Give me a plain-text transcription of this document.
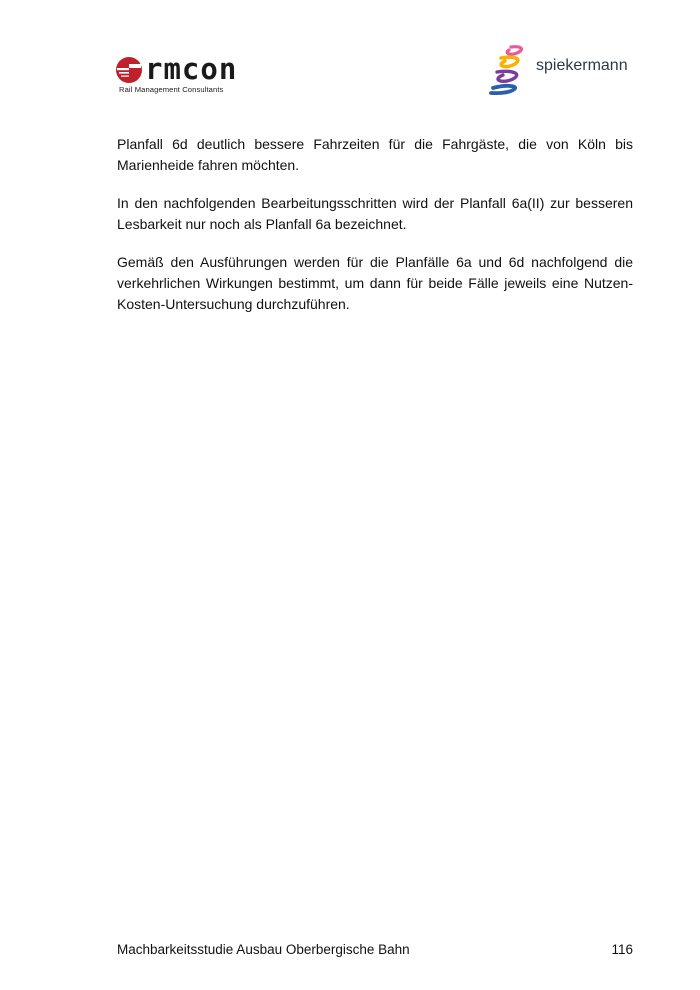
rmcon
Rail Management Consultants
spiekermann

Planfall 6d deutlich bessere Fahrzeiten für die Fahrgäste, die von Köln bis Marienheide fahren möchten.

In den nachfolgenden Bearbeitungsschritten wird der Planfall 6a(II) zur besseren Lesbarkeit nur noch als Planfall 6a bezeichnet.

Gemäß den Ausführungen werden für die Planfälle 6a und 6d nachfolgend die verkehrlichen Wirkungen bestimmt, um dann für beide Fälle jeweils eine Nutzen-Kosten-Untersuchung durchzuführen.

Machbarkeitsstudie Ausbau Oberbergische Bahn	116
